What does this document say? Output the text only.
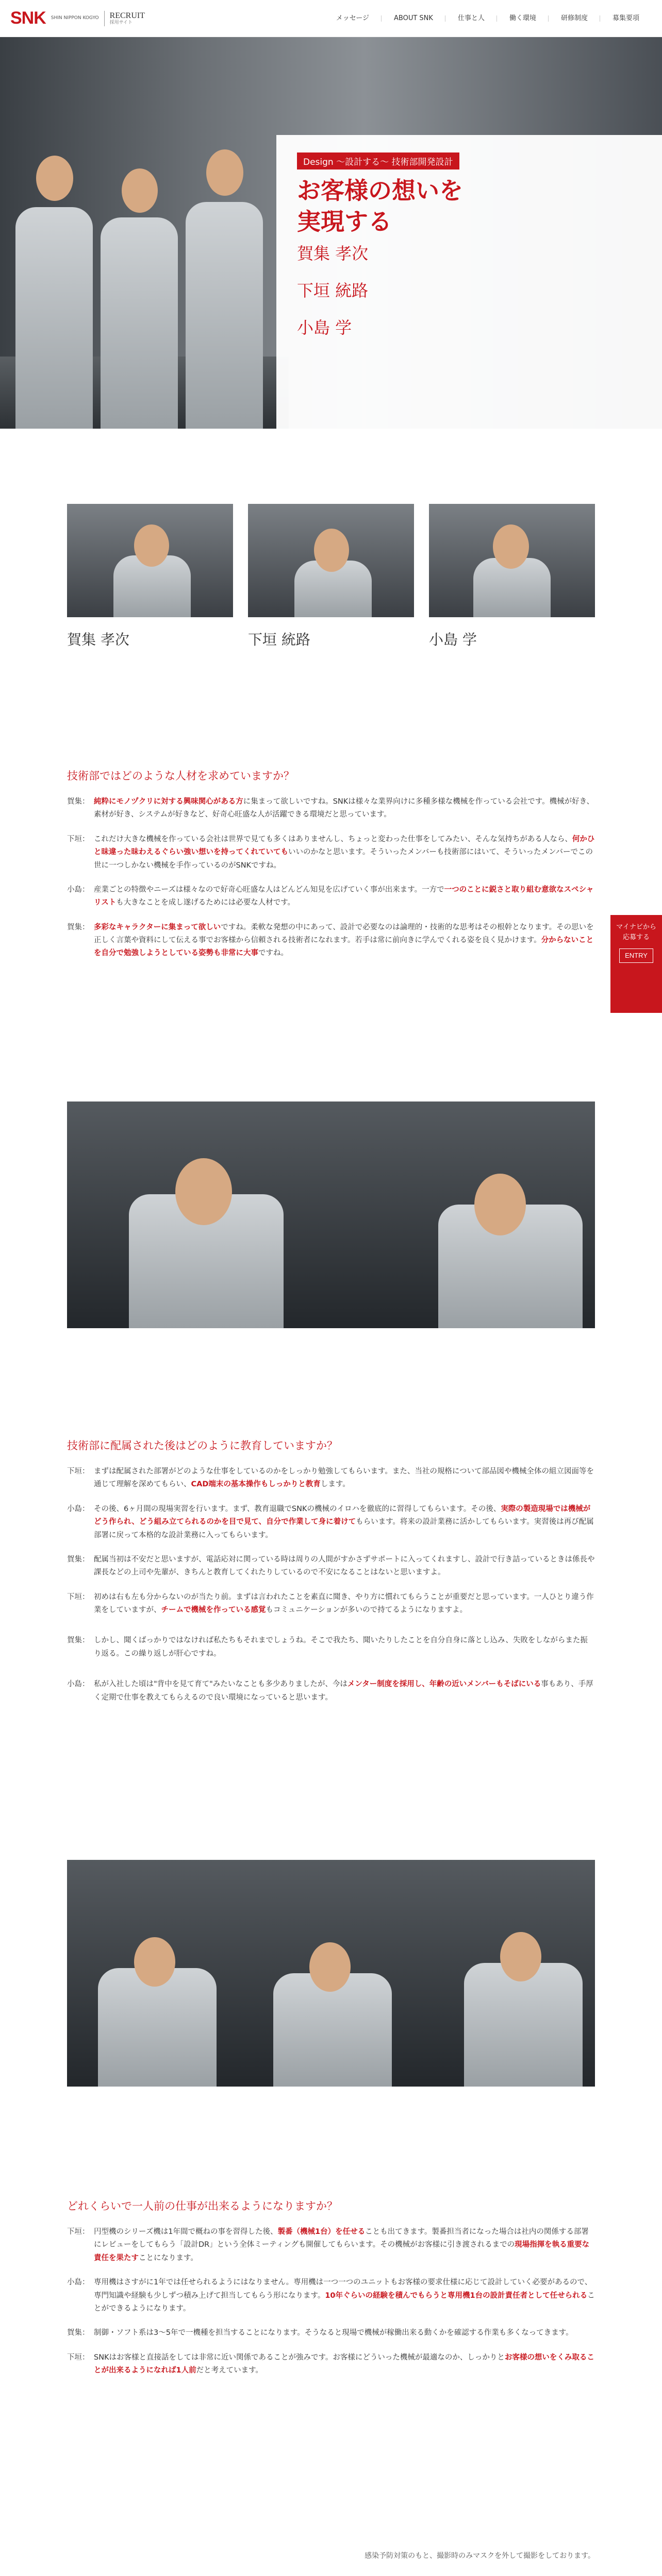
SNK SHIN NIPPON KOGYO RECRUIT
採用サイト
メッセージ	ABOUT SNK	仕事と人	働く環境	研修制度	募集要項
Design ～設計する～ 技術部開発設計
お客様の想いを
実現する
賀集 孝次
下垣 統路
小島 学
賀集 孝次	下垣 統路	小島 学
技術部ではどのような人材を求めていますか？
賀集： 純粋にモノヅクリに対する興味関心がある方に集まって欲しいですね。SNKは様々な業界向けに多種多様な機械を作っている会社です。機械が好き、素材が好き、システムが好きなど、好奇心旺盛な人が活躍できる環境だと思っています。
下垣： これだけ大きな機械を作っている会社は世界で見ても多くはありませんし、ちょっと変わった仕事をしてみたい、そんな気持ちがある人なら、何かひと昧違った昧わえるぐらい強い想いを持ってくれていてもいいのかなと思います。そういったメンバーも技術部にはいて、そういったメンバーでこの世に一つしかない機械を手作っているのがSNKですね。
小島： 産業ごとの特徴やニーズは様々なので好奇心旺盛な人はどんどん知見を広げていく事が出来ます。一方で一つのことに鋭さと取り組む意欲なスペシャリストも大きなことを成し遂げるためには必要な人材です。
賀集： 多彩なキャラクターに集まって欲しいですね。柔軟な発想の中にあって、設計で必要なのは論理的・技術的な思考はその根幹となります。その思いを正しく言葉や資料にして伝える事でお客様から信頼される技術者になれます。若手は常に前向きに学んでくれる姿を良く見かけます。分からないことを自分で勉強しようとしている姿勢も非常に大事ですね。
マイナビから
応募する
ENTRY
技術部に配属された後はどのように教育していますか？
下垣： まずは配属された部署がどのような仕事をしているのかをしっかり勉強してもらいます。また、当社の規格について部品図や機械全体の組立図面等を通じて理解を深めてもらい、CAD端末の基本操作もしっかりと教育します。
小島： その後、6ヶ月間の現場実習を行います。まず、教育退職でSNKの機械のイロハを徹底的に習得してもらいます。その後、実際の製造現場では機械がどう作られ、どう組み立てられるのかを目で見て、自分で作業して身に着けてもらいます。将来の設計業務に活かしてもらいます。実習後は再び配属部署に戻って本格的な設計業務に入ってもらいます。
賀集： 配属当初は不安だと思いますが、電話応対に関っている時は周りの人間がすかさずサポートに入ってくれますし、設計で行き詰っているときは係長や課長などの上司や先輩が、きちんと教育してくれたりしているので不安になることはないと思いますよ。
下垣： 初めは右も左も分からないのが当たり前。まずは言われたことを素直に聞き、やり方に慣れてもらうことが重要だと思っています。一人ひとり違う作業をしていますが、チームで機械を作っている感覚もコミュニケーションが多いので持てるようになりますよ。
賀集： しかし、聞くばっかりではなければ私たちもそれまでしょうね。そこで我たち、聞いたりしたことを自分自身に落とし込み、失敗をしながらまた振り返る。この繰り返しが肝心ですね。
小島： 私が入社した頃は"背中を見て育て"みたいなことも多少ありましたが、今はメンター制度を採用し、年齢の近いメンバーもそばにいる事もあり、手厚く定期で仕事を教えてもらえるので良い環境になっていると思います。
どれくらいで一人前の仕事が出来るようになりますか？
下垣： 円型機のシリーズ機は1年間で概ねの事を習得した後、製番（機械1台）を任せることも出てきます。製番担当者になった場合は社内の関係する部署にレビューをしてもらう「設計DR」という全体ミーティングも開催してもらいます。その機械がお客様に引き渡されるまでの現場指揮を執る重要な責任を果たすことになります。
小島： 専用機はさすがに1年では任せられるようにはなりません。専用機は一つ一つのユニットもお客様の要求仕様に応じて設計していく必要があるので、専門知識や経験も少しずつ積み上げて担当してもらう形になります。10年ぐらいの経験を積んでもらうと専用機1台の設計責任者として任せられることができるようになります。
賀集： 制御・ソフト系は3〜5年で一機種を担当することになります。そうなると現場で機械が稼働出来る動くかを確認する作業も多くなってきます。
下垣： SNKはお客様と直接話をしては非常に近い関係であることが強みです。お客様にどういった機械が最適なのか、しっかりとお客様の想いをくみ取ることが出来るようになれば1人前だと考えています。
感染予防対策のもと、撮影時のみマスクを外して撮影をしております。
